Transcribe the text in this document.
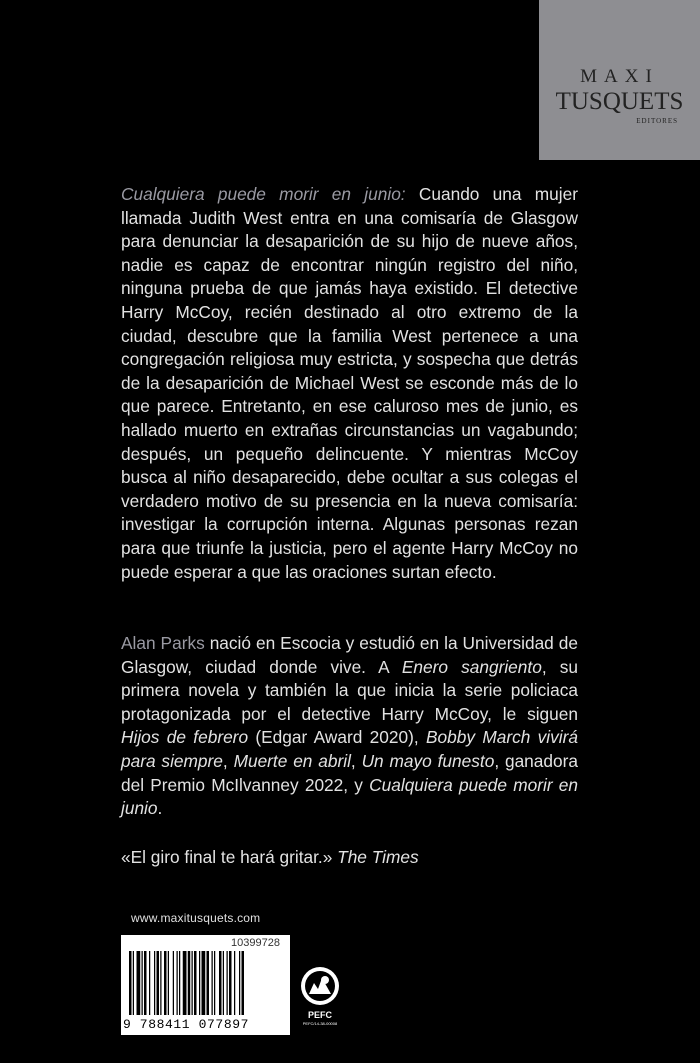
MAXI
TUSQUETS
EDITORES
Cualquiera puede morir en junio: Cuando una mujer llamada Judith West entra en una comisaría de Glasgow para denunciar la desaparición de su hijo de nueve años, nadie es capaz de encontrar ningún registro del niño, ninguna prueba de que jamás haya existido. El detective Harry McCoy, recién destinado al otro extremo de la ciudad, descubre que la familia West pertenece a una congregación religiosa muy estricta, y sospecha que detrás de la desaparición de Michael West se esconde más de lo que parece. Entretanto, en ese caluroso mes de junio, es hallado muerto en extrañas circunstancias un vagabundo; después, un pequeño delincuente. Y mientras McCoy busca al niño desaparecido, debe ocultar a sus colegas el verdadero motivo de su presencia en la nueva comisaría: investigar la corrupción interna. Algunas personas rezan para que triunfe la justicia, pero el agente Harry McCoy no puede esperar a que las oraciones surtan efecto.
Alan Parks nació en Escocia y estudió en la Universidad de Glasgow, ciudad donde vive. A Enero sangriento, su primera novela y también la que inicia la serie policiaca protagonizada por el detective Harry McCoy, le siguen Hijos de febrero (Edgar Award 2020), Bobby March vivirá para siempre, Muerte en abril, Un mayo funesto, ganadora del Premio McIlvanney 2022, y Cualquiera puede morir en junio.
«El giro final te hará gritar.» The Times
www.maxitusquets.com
10399728
9 788411 077897
PEFC
PEFC/14-38-00008
